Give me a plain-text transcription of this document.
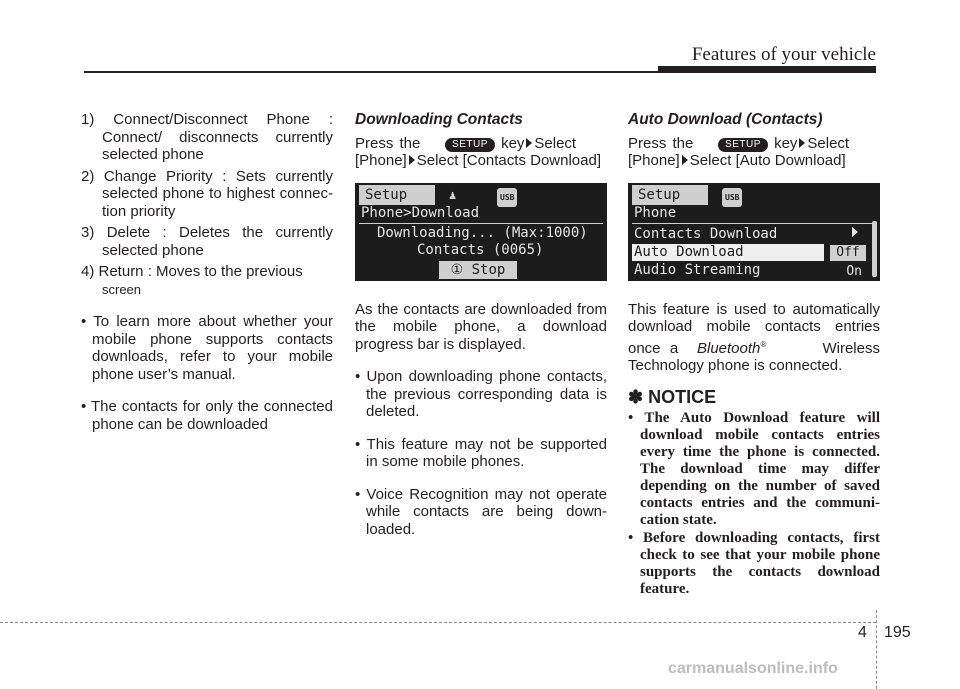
Features of your vehicle

1) Connect/Disconnect Phone : Connect/ disconnects currently selected phone

2) Change Priority : Sets currently selected phone to highest connec-tion priority

3) Delete : Deletes the currently selected phone

4) Return : Moves to the previous
screen

• To learn more about whether your mobile phone supports contacts downloads, refer to your mobile phone user’s manual.

• The contacts for only the connected phone can be downloaded

Downloading Contacts

Press the	SETUP key Select

[Phone] Select [Contacts Download]

Setup	♟	USB
Phone>Download
Downloading... (Max:1000)
Contacts (0065)
① Stop

As the contacts are downloaded from the mobile phone, a download progress bar is displayed.

• Upon downloading phone contacts, the previous corresponding data is deleted.

• This feature may not be supported in some mobile phones.

• Voice Recognition may not operate while contacts are being down-loaded.

Auto Download (Contacts)

Press the	SETUP key Select

[Phone] Select [Auto Download]

Setup	ᛒ	USB
Phone
Contacts Download
Auto Download	Off
Audio Streaming	On

This feature is used to automatically download mobile contacts entries once a Bluetooth®	Wireless Technology phone is connected.

✽ NOTICE

• The Auto Download feature will download mobile contacts entries every time the phone is connected. The download time may differ depending on the number of saved contacts entries and the communi-cation state.

• Before downloading contacts, first check to see that your mobile phone supports the contacts download feature.

4 195
carmanualsonline.info
